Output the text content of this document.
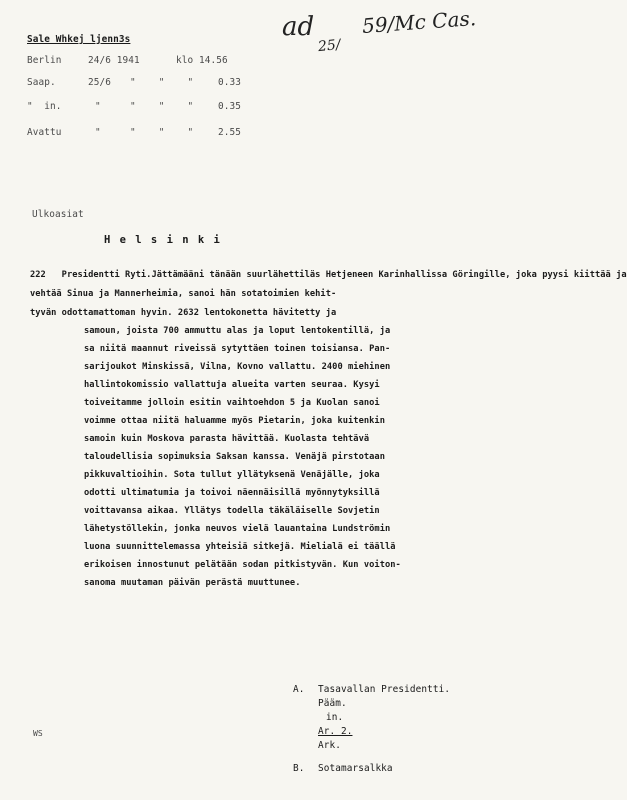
Sale Whkej ljenn3s	ad 59/Mc Cas.
25/
Berlin	24/6 1941	klo 14.56
Saap.	25/6 "    "    "	0.33
"  in.	"	"    "    "	0.35
Avattu	"	"    "    "	2.55
Ulkoasiat
H e l s i n k i
222   Presidentti Ryti.Jättämääni tänään suurlähettiläs Hetjeneen Karinhallissa Göringille, joka pyysi kiittää ja
vehtää Sinua ja Mannerheimia, sanoi hän sotatoimien kehit-
tyvän odottamattoman hyvin. 2632 lentokonetta hävitetty ja
samoun, joista 700 ammuttu alas ja loput lentokentillä, ja
sa niitä maannut riveissä sytyttäen toinen toisiansa. Pan-
sarijoukot Minskissä, Vilna, Kovno vallattu. 2400 miehinen
hallintokomissio vallattuja alueita varten seuraa. Kysyi
toiveitamme jolloin esitin vaihtoehdon 5 ja Kuolan sanoi
voimme ottaa niitä haluamme myös Pietarin, joka kuitenkin
samoin kuin Moskova parasta hävittää. Kuolasta tehtävä
taloudellisia sopimuksia Saksan kanssa. Venäjä pirstotaan
pikkuvaltioihin. Sota tullut yllätyksenä Venäjälle, joka
odotti ultimatumia ja toivoi näennäisillä myönnytyksillä
voittavansa aikaa. Yllätys todella täkäläiselle Sovjetin
lähetystöllekin, jonka neuvos vielä lauantaina Lundströmin
luona suunnittelemassa yhteisiä sitkejä. Mielialä ei täällä
erikoisen innostunut pelätään sodan pitkistyvän. Kun voiton-
sanoma muutaman päivän perästä muuttunee.
A. Tasavallan Presidentti.
Pääm.
in.
Ar. 2.
Ark.
B. Sotamarsalkka
WS
